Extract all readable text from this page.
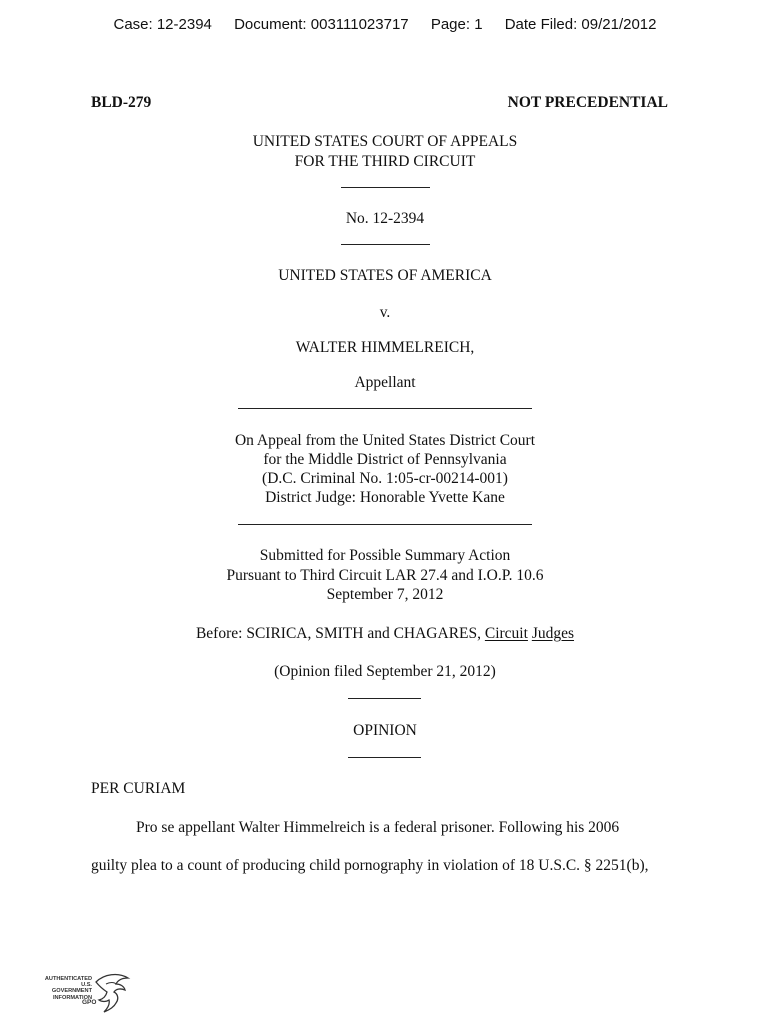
Case: 12-2394 Document: 003111023717 Page: 1 Date Filed: 09/21/2012
BLD-279	NOT PRECEDENTIAL
UNITED STATES COURT OF APPEALS
FOR THE THIRD CIRCUIT
No. 12-2394
UNITED STATES OF AMERICA
v.
WALTER HIMMELREICH,
Appellant
On Appeal from the United States District Court
for the Middle District of Pennsylvania
(D.C. Criminal No. 1:05-cr-00214-001)
District Judge: Honorable Yvette Kane
Submitted for Possible Summary Action
Pursuant to Third Circuit LAR 27.4 and I.O.P. 10.6
September 7, 2012
Before: SCIRICA, SMITH and CHAGARES, Circuit Judges
(Opinion filed September 21, 2012)
OPINION
PER CURIAM
Pro se appellant Walter Himmelreich is a federal prisoner. Following his 2006
guilty plea to a count of producing child pornography in violation of 18 U.S.C. § 2251(b),
AUTHENTICATED
U.S. GOVERNMENT
INFORMATION
GPO
